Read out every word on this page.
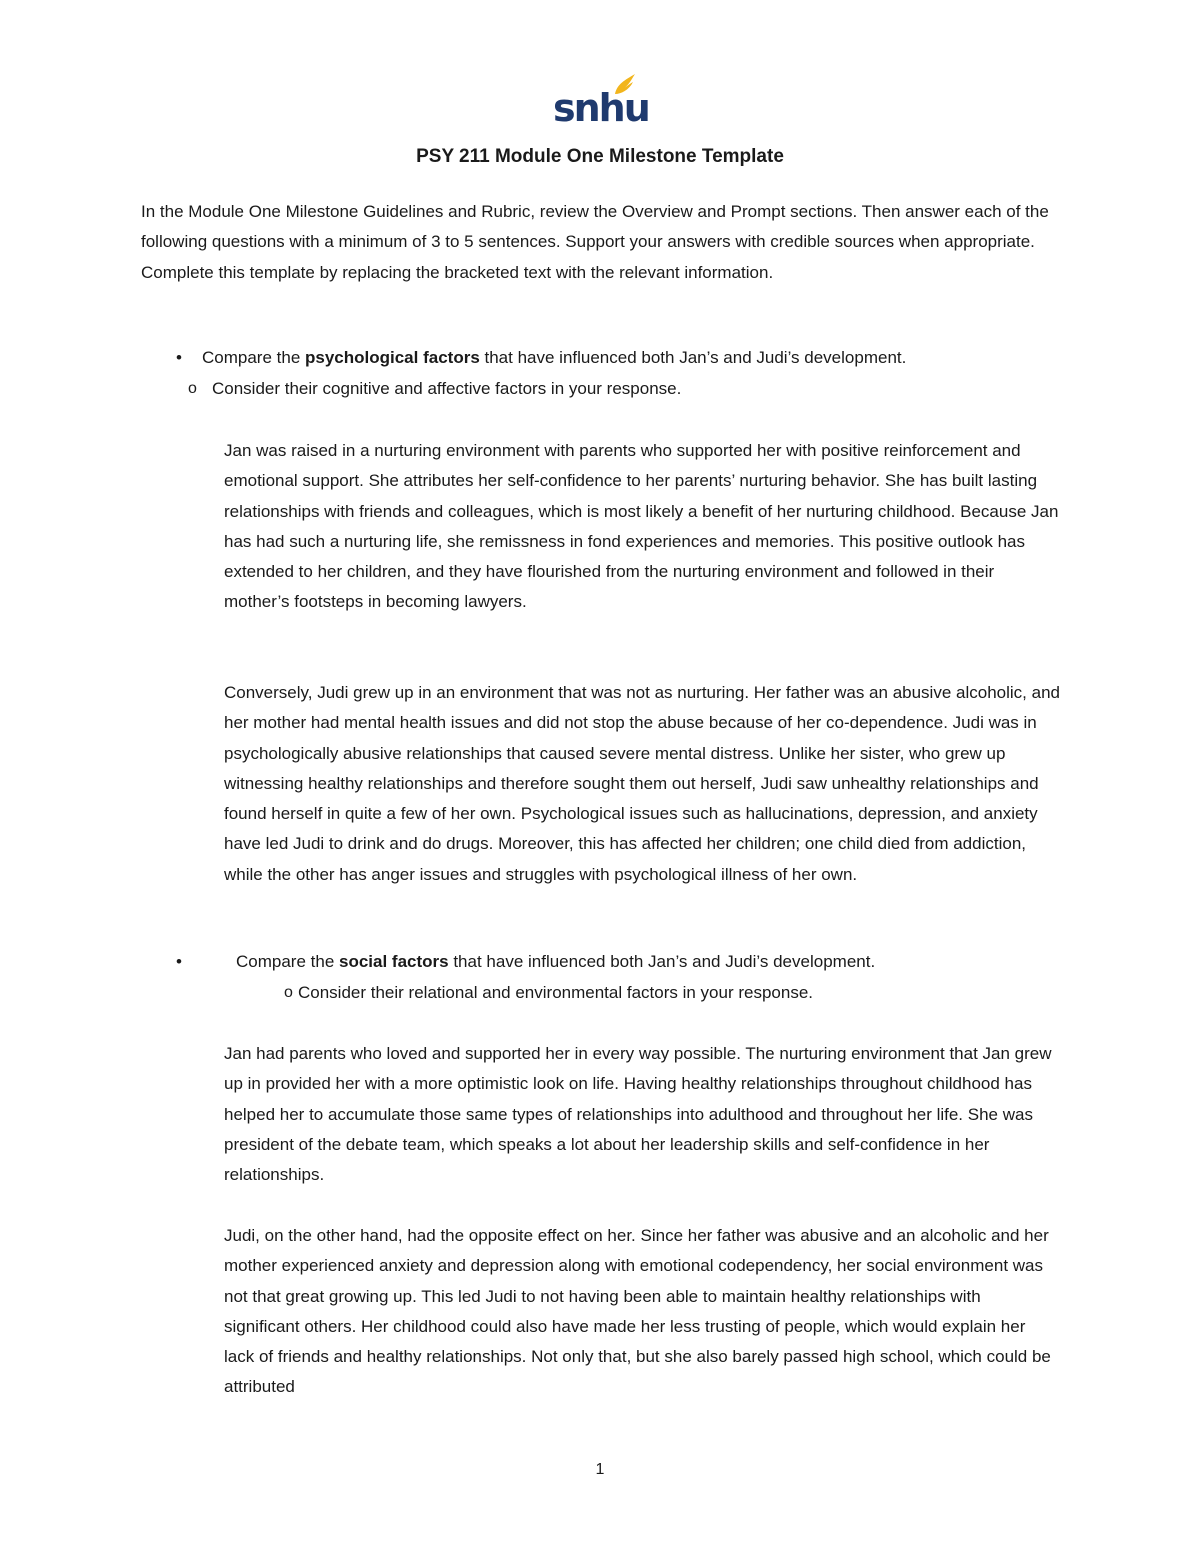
snhu
PSY 211 Module One Milestone Template

In the Module One Milestone Guidelines and Rubric, review the Overview and Prompt sections. Then answer each of the following questions with a minimum of 3 to 5 sentences. Support your answers with credible sources when appropriate. Complete this template by replacing the bracketed text with the relevant information.

• Compare the psychological factors that have influenced both Jan’s and Judi’s development.
o Consider their cognitive and affective factors in your response.

Jan was raised in a nurturing environment with parents who supported her with positive reinforcement and emotional support. She attributes her self-confidence to her parents’ nurturing behavior. She has built lasting relationships with friends and colleagues, which is most likely a benefit of her nurturing childhood. Because Jan has had such a nurturing life, she remissness in fond experiences and memories. This positive outlook has extended to her children, and they have flourished from the nurturing environment and followed in their mother’s footsteps in becoming lawyers.

Conversely, Judi grew up in an environment that was not as nurturing. Her father was an abusive alcoholic, and her mother had mental health issues and did not stop the abuse because of her co-dependence. Judi was in psychologically abusive relationships that caused severe mental distress. Unlike her sister, who grew up witnessing healthy relationships and therefore sought them out herself, Judi saw unhealthy relationships and found herself in quite a few of her own. Psychological issues such as hallucinations, depression, and anxiety have led Judi to drink and do drugs. Moreover, this has affected her children; one child died from addiction, while the other has anger issues and struggles with psychological illness of her own.

•	Compare the social factors that have influenced both Jan’s and Judi’s development.
o Consider their relational and environmental factors in your response.

Jan had parents who loved and supported her in every way possible. The nurturing environment that Jan grew up in provided her with a more optimistic look on life. Having healthy relationships throughout childhood has helped her to accumulate those same types of relationships into adulthood and throughout her life. She was president of the debate team, which speaks a lot about her leadership skills and self-confidence in her relationships.

Judi, on the other hand, had the opposite effect on her. Since her father was abusive and an alcoholic and her mother experienced anxiety and depression along with emotional codependency, her social environment was not that great growing up. This led Judi to not having been able to maintain healthy relationships with significant others. Her childhood could also have made her less trusting of people, which would explain her lack of friends and healthy relationships. Not only that, but she also barely passed high school, which could be attributed

1
